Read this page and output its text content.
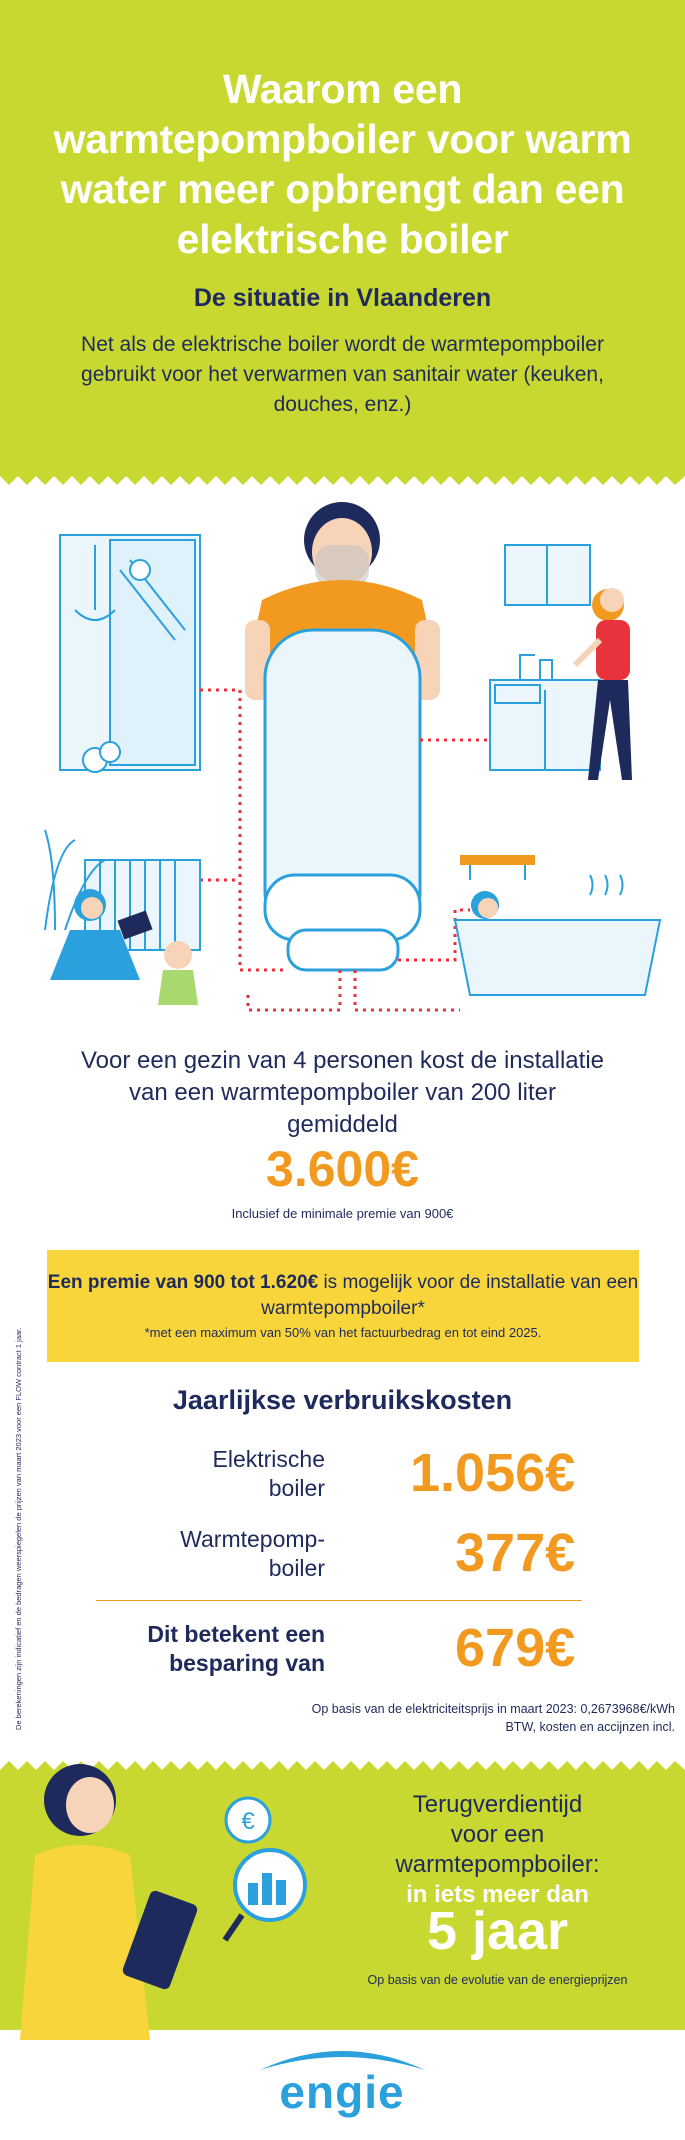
Waarom een warmtepompboiler voor warm water meer opbrengt dan een elektrische boiler
De situatie in Vlaanderen

Net als de elektrische boiler wordt de warmtepompboiler gebruikt voor het verwarmen van sanitair water (keuken, douches, enz.)

Voor een gezin van 4 personen kost de installatie van een warmtepompboiler van 200 liter gemiddeld

3.600€
Inclusief de minimale premie van 900€
De berekeningen zijn indicatief en de bedragen weerspiegelen de prijzen van maart 2023 voor een FLOW contract 1 jaar.
Een premie van 900 tot 1.620€ is mogelijk voor de installatie van een warmtepompboiler*
*met een maximum van 50% van het factuurbedrag en tot eind 2025.
Jaarlijkse verbruikskosten
Elektrische
boiler 1.056€
Warmtepomp-
boiler 377€
Dit betekent een
besparing van 679€
Op basis van de elektriciteitsprijs in maart 2023: 0,2673968€/kWh
BTW, kosten en accijnzen incl.
€
Terugverdientijd
voor een
warmtepompboiler:
in iets meer dan
5 jaar
Op basis van de evolutie van de energieprijzen
engie
